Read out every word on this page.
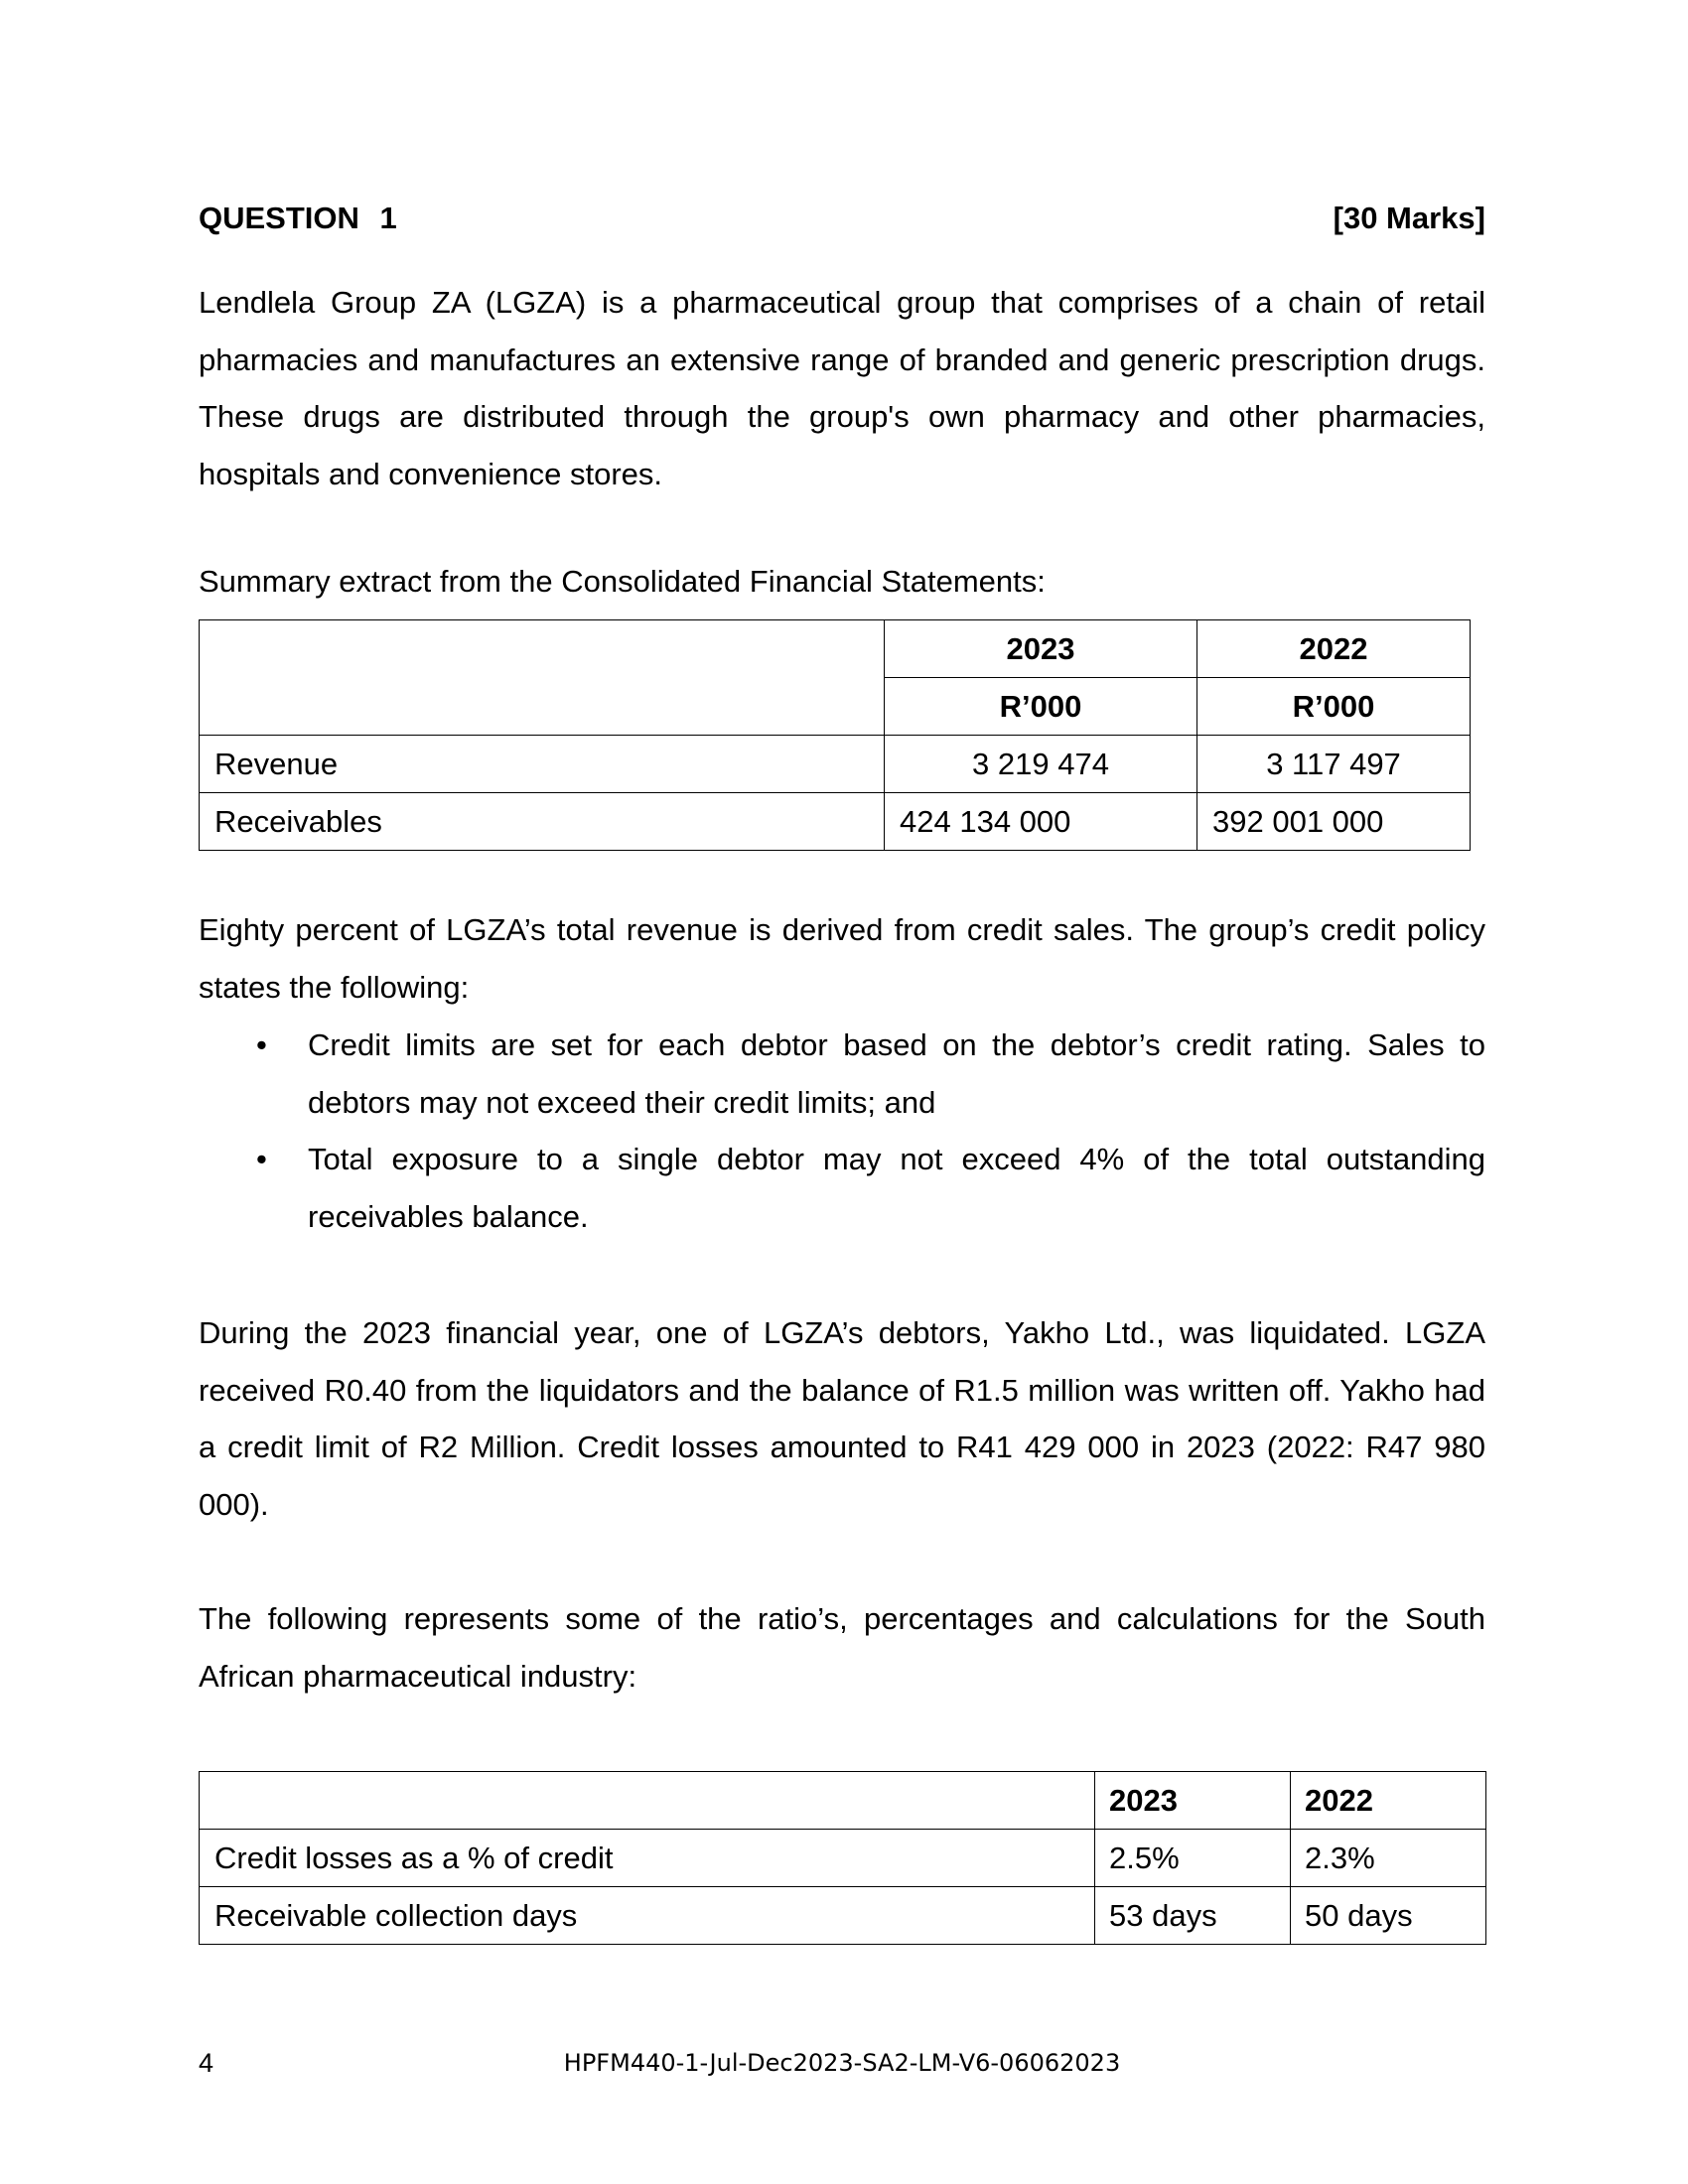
QUESTION 1	[30 Marks]

Lendlela Group ZA (LGZA) is a pharmaceutical group that comprises of a chain of retail pharmacies and manufactures an extensive range of branded and generic prescription drugs. These drugs are distributed through the group's own pharmacy and other pharmacies, hospitals and convenience stores.

Summary extract from the Consolidated Financial Statements:

	2023	2022
	R’000	R’000
Revenue	3 219 474	3 117 497
Receivables	424 134 000	392 001 000

Eighty percent of LGZA’s total revenue is derived from credit sales. The group’s credit policy states the following:

• Credit limits are set for each debtor based on the debtor’s credit rating. Sales to debtors may not exceed their credit limits; and
• Total exposure to a single debtor may not exceed 4% of the total outstanding receivables balance.

During the 2023 financial year, one of LGZA’s debtors, Yakho Ltd., was liquidated. LGZA received R0.40 from the liquidators and the balance of R1.5 million was written off. Yakho had a credit limit of R2 Million. Credit losses amounted to R41 429 000 in 2023 (2022: R47 980 000).

The following represents some of the ratio’s, percentages and calculations for the South African pharmaceutical industry:

	2023	2022
Credit losses as a % of credit	2.5%	2.3%
Receivable collection days	53 days	50 days
HPFM440-1-Jul-Dec2023-SA2-LM-V6-06062023
4
